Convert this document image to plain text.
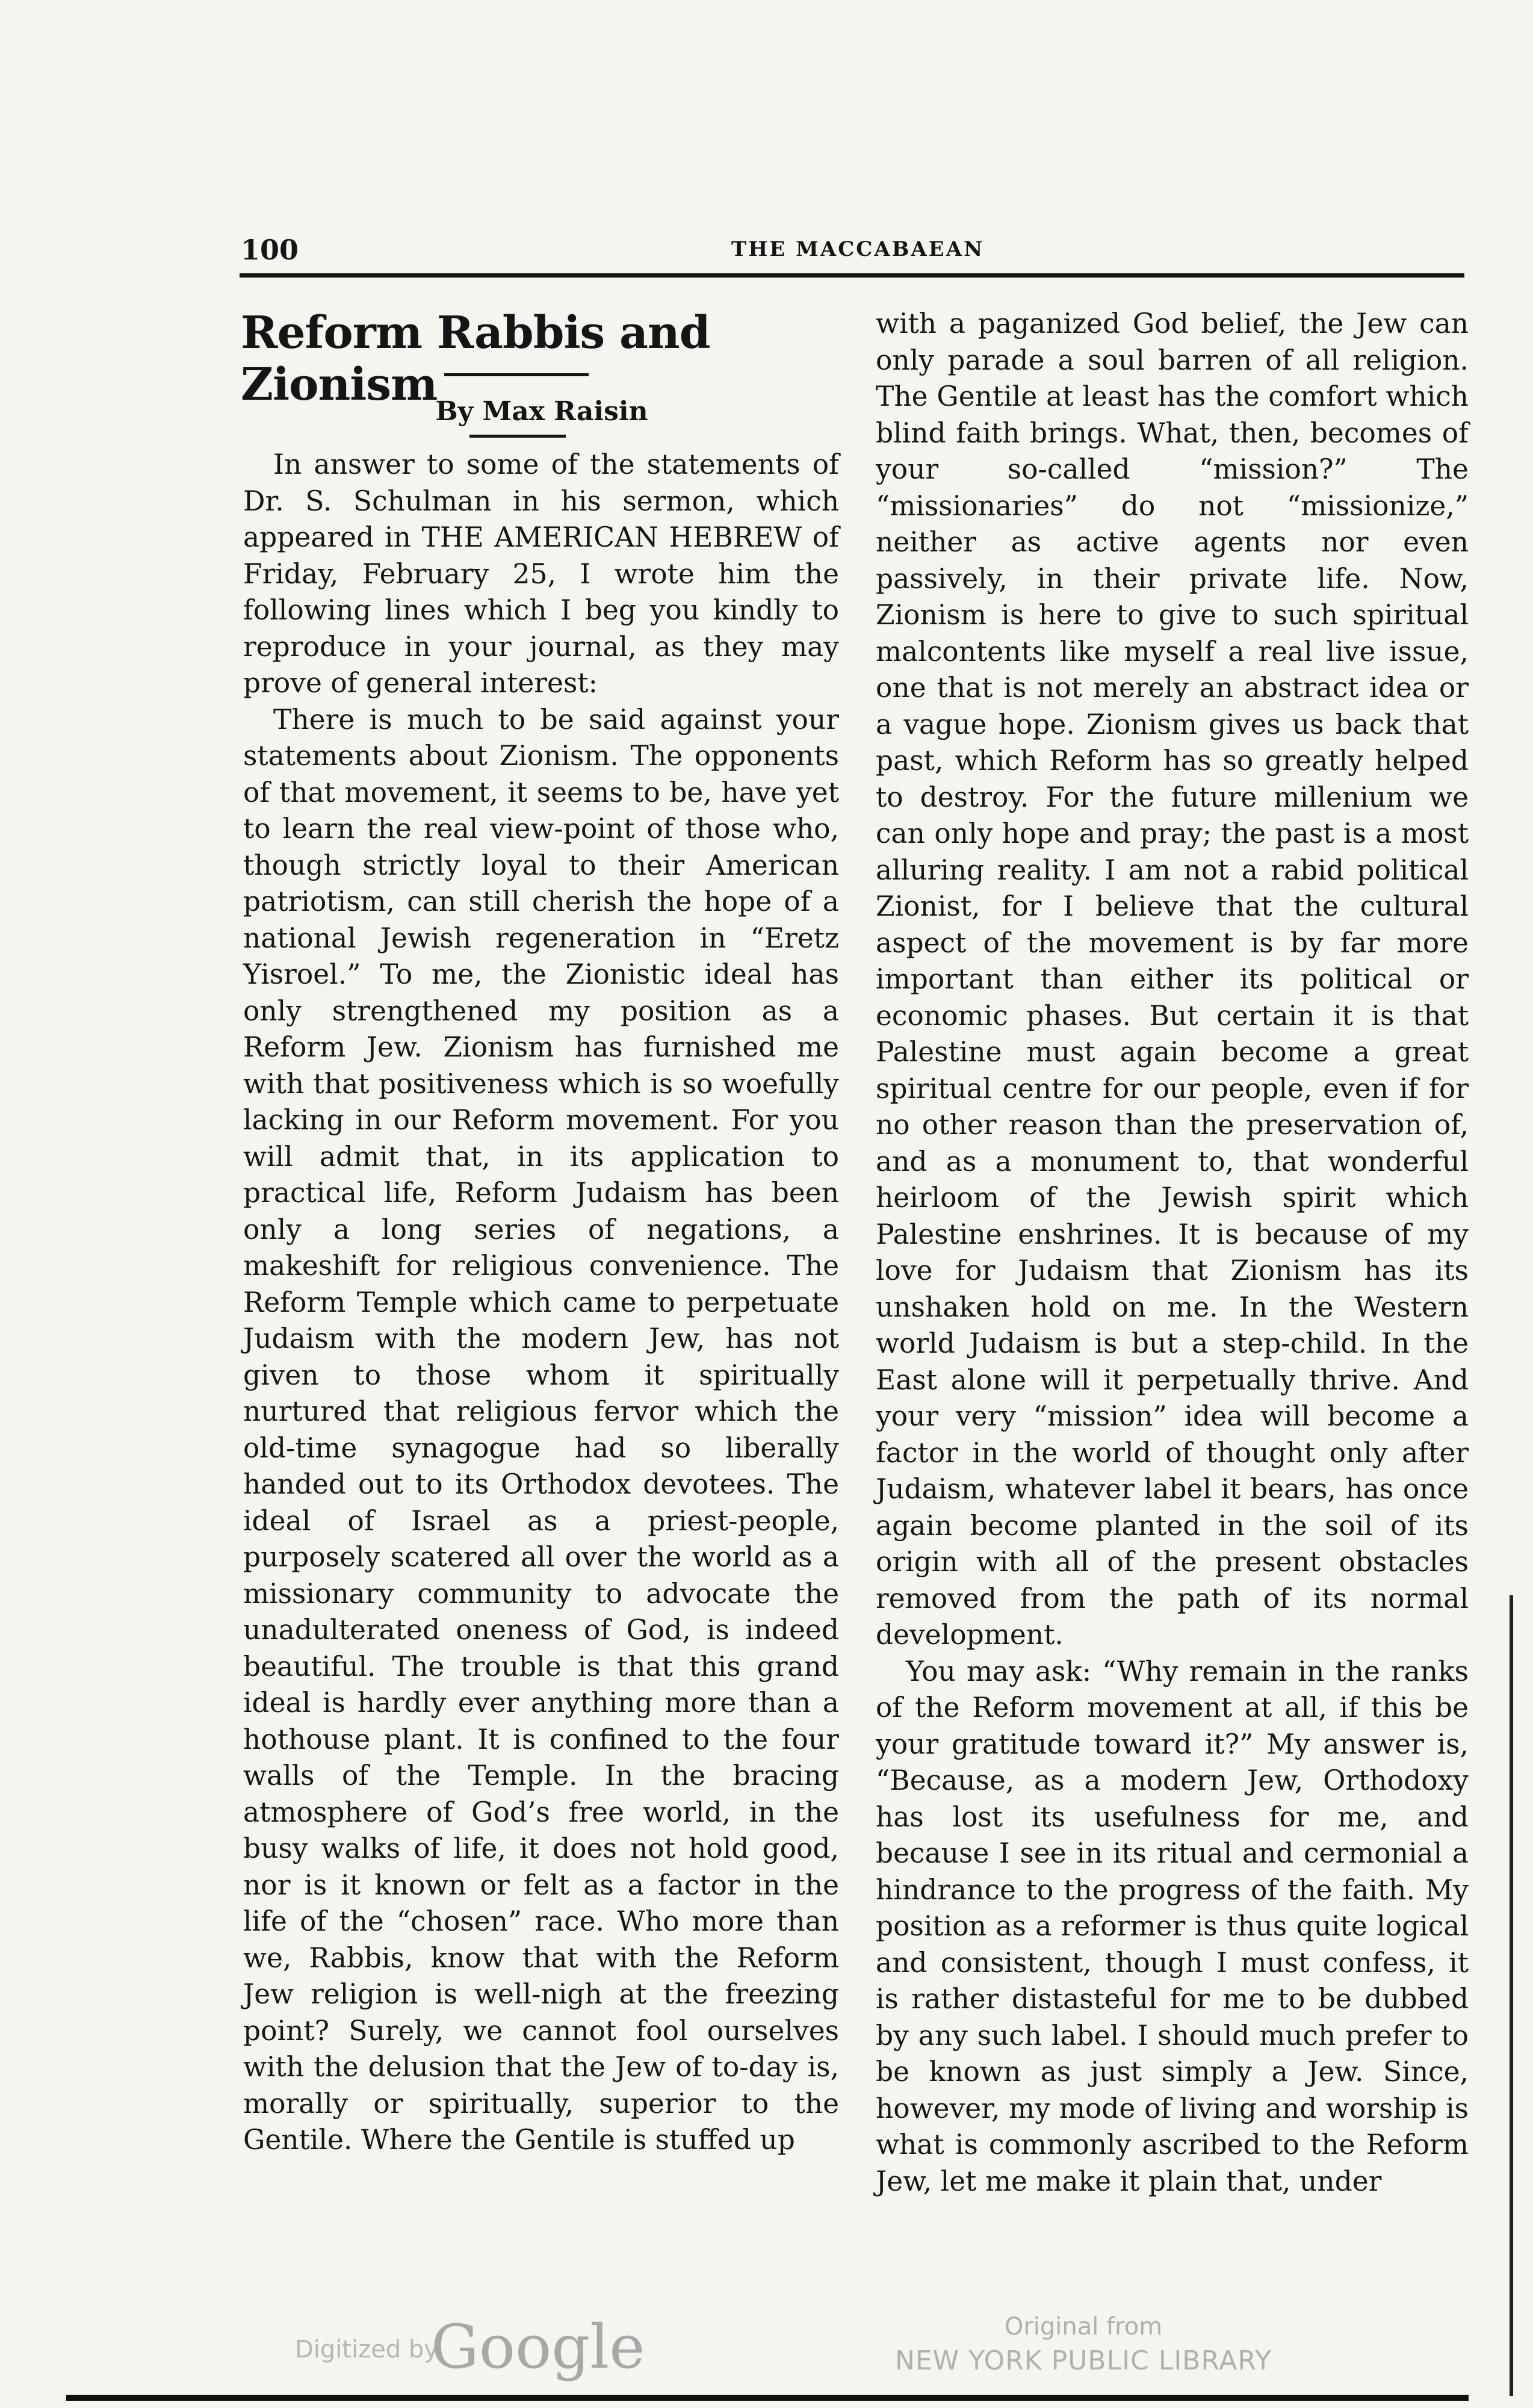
100	THE MACCABAEAN
Reform Rabbis and Zionism
By Max Raisin

In answer to some of the statements of Dr. S. Schulman in his sermon, which appeared in THE AMERICAN HEBREW of Friday, February 25, I wrote him the following lines which I beg you kindly to reproduce in your journal, as they may prove of general interest:

There is much to be said against your statements about Zionism. The opponents of that movement, it seems to be, have yet to learn the real view-point of those who, though strictly loyal to their American patriotism, can still cherish the hope of a national Jewish regeneration in “Eretz Yisroel.” To me, the Zionistic ideal has only strengthened my position as a Reform Jew. Zionism has furnished me with that positiveness which is so woefully lacking in our Reform movement. For you will admit that, in its application to practical life, Reform Judaism has been only a long series of negations, a makeshift for religious convenience. The Reform Temple which came to perpetuate Judaism with the modern Jew, has not given to those whom it spiritually nurtured that religious fervor which the old-time synagogue had so liberally handed out to its Orthodox devotees. The ideal of Israel as a priest-people, purposely scatered all over the world as a missionary community to advocate the unadulterated oneness of God, is indeed beautiful. The trouble is that this grand ideal is hardly ever anything more than a hothouse plant. It is confined to the four walls of the Temple. In the bracing atmosphere of God’s free world, in the busy walks of life, it does not hold good, nor is it known or felt as a factor in the life of the “chosen” race. Who more than we, Rabbis, know that with the Reform Jew religion is well-nigh at the freezing point? Surely, we cannot fool ourselves with the delusion that the Jew of to-day is, morally or spiritually, superior to the Gentile. Where the Gentile is stuffed up

with a paganized God belief, the Jew can only parade a soul barren of all religion. The Gentile at least has the comfort which blind faith brings. What, then, becomes of your so-called “mission?” The “missionaries” do not “missionize,” neither as active agents nor even passively, in their private life. Now, Zionism is here to give to such spiritual malcontents like myself a real live issue, one that is not merely an abstract idea or a vague hope. Zionism gives us back that past, which Reform has so greatly helped to destroy. For the future millenium we can only hope and pray; the past is a most alluring reality. I am not a rabid political Zionist, for I believe that the cultural aspect of the movement is by far more important than either its political or economic phases. But certain it is that Palestine must again become a great spiritual centre for our people, even if for no other reason than the preservation of, and as a monument to, that wonderful heirloom of the Jewish spirit which Palestine enshrines. It is because of my love for Judaism that Zionism has its unshaken hold on me. In the Western world Judaism is but a step-child. In the East alone will it perpetually thrive. And your very “mission” idea will become a factor in the world of thought only after Judaism, whatever label it bears, has once again become planted in the soil of its origin with all of the present obstacles removed from the path of its normal development.

You may ask: “Why remain in the ranks of the Reform movement at all, if this be your gratitude toward it?” My answer is, “Because, as a modern Jew, Orthodoxy has lost its usefulness for me, and because I see in its ritual and cermonial a hindrance to the progress of the faith. My position as a reformer is thus quite logical and consistent, though I must confess, it is rather distasteful for me to be dubbed by any such label. I should much prefer to be known as just simply a Jew. Since, however, my mode of living and worship is what is commonly ascribed to the Reform Jew, let me make it plain that, under

Digitized by
Google	Original from
NEW YORK PUBLIC LIBRARY
